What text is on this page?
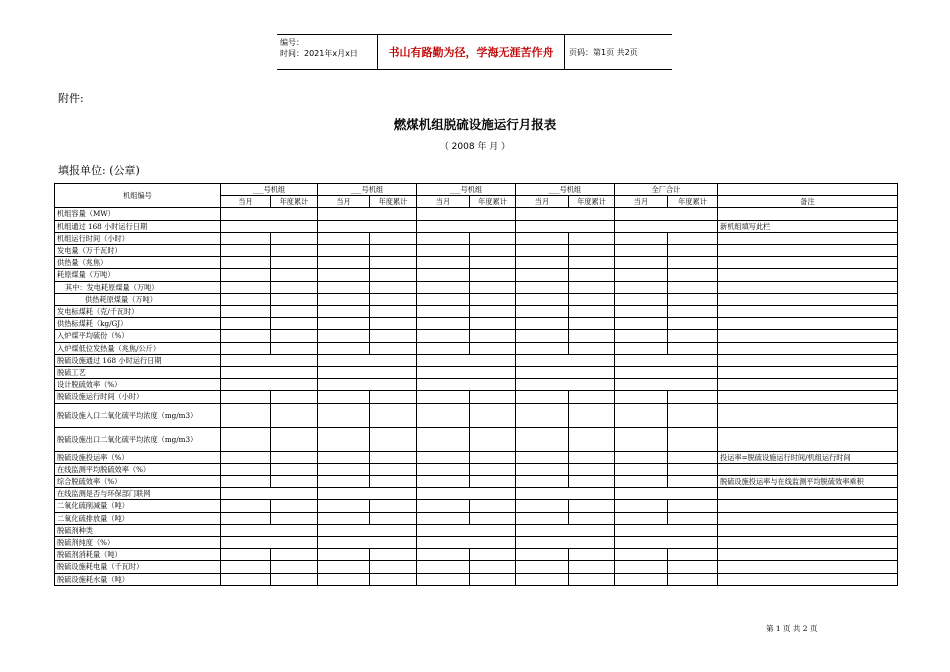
编号：
时间：2021年x月x日	书山有路勤为径，学海无涯苦作舟	页码：第1页 共2页
附件:
燃煤机组脱硫设施运行月报表
（ 2008 年 月 ）
填报单位: (公章)
机组编号	___号机组		___号机组		___号机组		___号机组		全厂合计		
	当月	年度累计	当月	年度累计	当月	年度累计	当月	年度累计	当月	年度累计	备注
机组容量（MW）											
机组通过 168 小时运行日期											新机组填写此栏
机组运行时间（小时）											
发电量（万千瓦时）											
供热量（兆焦）											
耗原煤量（万吨）											
其中：发电耗原煤量（万吨）											
供热耗原煤量（万吨）											
发电标煤耗（克/千瓦时）											
供热标煤耗（kg/GJ）											
入炉煤平均硫份（%）											
入炉煤低位发热量（兆焦/公斤）											
脱硫设施通过 168 小时运行日期											
脱硫工艺											
设计脱硫效率（%）											
脱硫设施运行时间（小时）											
脱硫设施入口二氧化硫平均浓度（mg/m3）											
脱硫设施出口二氧化硫平均浓度（mg/m3）											
脱硫设施投运率（%）											投运率=脱硫设施运行时间/机组运行时间
在线监测平均脱硫效率（%）											
综合脱硫效率（%）											脱硫设施投运率与在线监测平均脱硫效率乘积
在线监测是否与环保部门联网											
二氧化硫削减量（吨）											
二氧化硫排放量（吨）											
脱硫剂种类											
脱硫剂纯度（%）											
脱硫剂消耗量（吨）											
脱硫设施耗电量（千瓦时）											
脱硫设施耗水量（吨）											
第 1 页 共 2 页
